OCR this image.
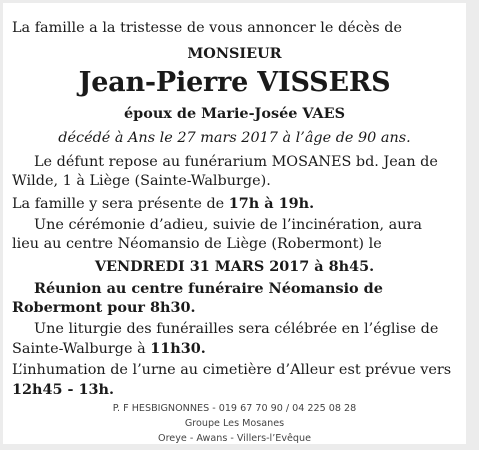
La famille a la tristesse de vous annoncer le décès de
MONSIEUR
Jean-Pierre VISSERS
époux de Marie-Josée VAES
décédé à Ans le 27 mars 2017 à l’âge de 90 ans.
Le défunt repose au funérarium MOSANES bd. Jean de
Wilde, 1 à Liège (Sainte-Walburge).
La famille y sera présente de 17h à 19h.
Une cérémonie d’adieu, suivie de l’incinération, aura
lieu au centre Néomansio de Liège (Robermont) le
VENDREDI 31 MARS 2017 à 8h45.
Réunion au centre funéraire Néomansio de
Robermont pour 8h30.
Une liturgie des funérailles sera célébrée en l’église de
Sainte-Walburge à 11h30.
L’inhumation de l’urne au cimetière d’Alleur est prévue vers
12h45 - 13h.
P. F HESBIGNONNES - 019 67 70 90 / 04 225 08 28
Groupe Les Mosanes
Oreye - Awans - Villers-l’Evêque
